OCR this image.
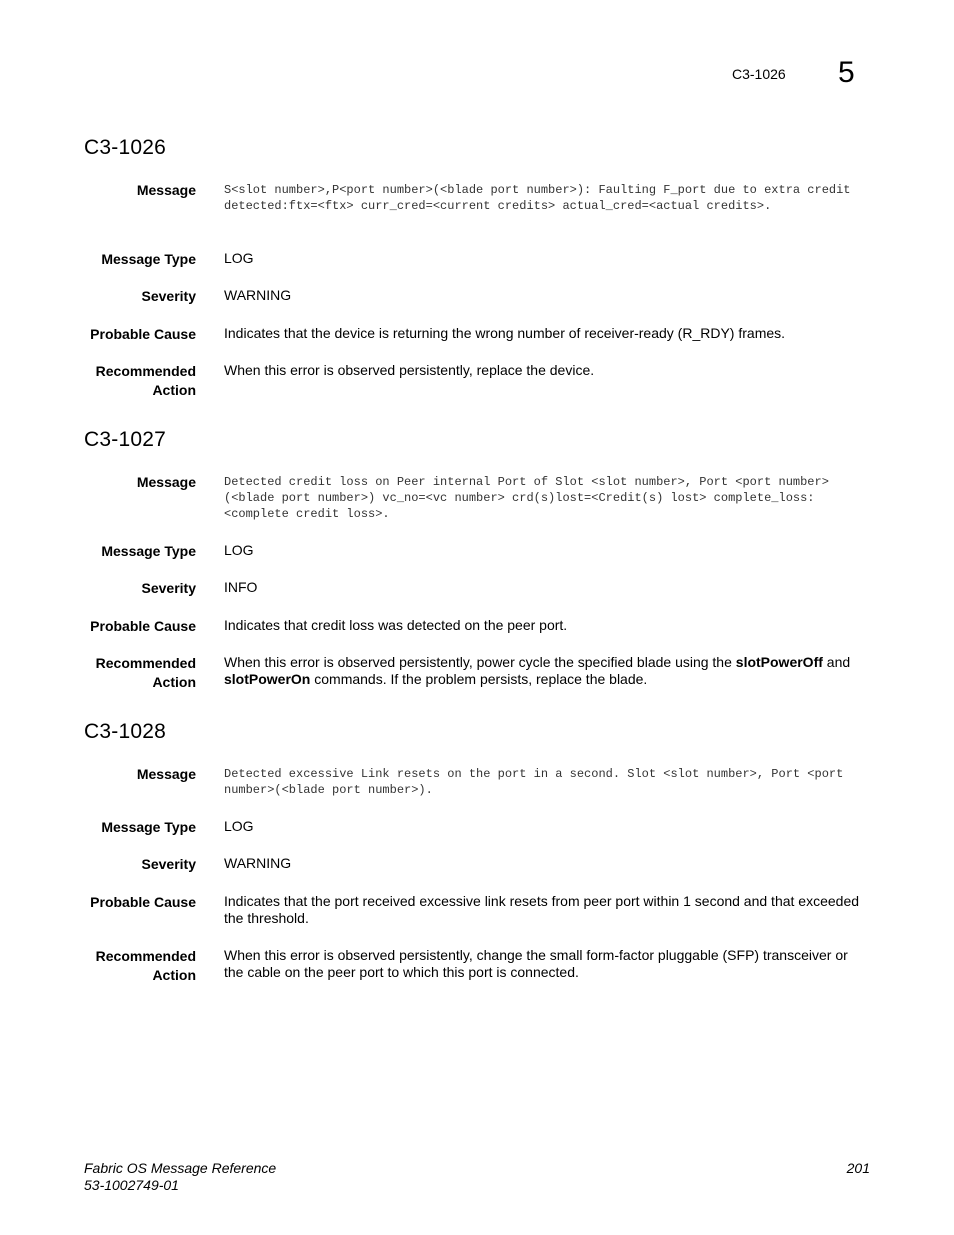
C3-1026 5
C3-1026
Message S<slot number>,P<port number>(<blade port number>): Faulting F_port due to extra credit detected:ftx=<ftx> curr_cred=<current credits> actual_cred=<actual credits>.
Message Type LOG
Severity WARNING
Probable Cause Indicates that the device is returning the wrong number of receiver-ready (R_RDY) frames.
Recommended
Action
When this error is observed persistently, replace the device.
C3-1027
Message Detected credit loss on Peer internal Port of Slot <slot number>, Port <port number>(<blade port number>) vc_no=<vc number> crd(s)lost=<Credit(s) lost> complete_loss:<complete credit loss>.
Message Type LOG
Severity INFO
Probable Cause Indicates that credit loss was detected on the peer port.
Recommended
Action
When this error is observed persistently, power cycle the specified blade using the slotPowerOff and slotPowerOn commands. If the problem persists, replace the blade.
C3-1028
Message Detected excessive Link resets on the port in a second. Slot <slot number>, Port <port number>(<blade port number>).
Message Type LOG
Severity WARNING
Probable Cause Indicates that the port received excessive link resets from peer port within 1 second and that exceeded the threshold.
Recommended
Action
When this error is observed persistently, change the small form-factor pluggable (SFP) transceiver or the cable on the peer port to which this port is connected.
Fabric OS Message Reference
53-1002749-01
201
